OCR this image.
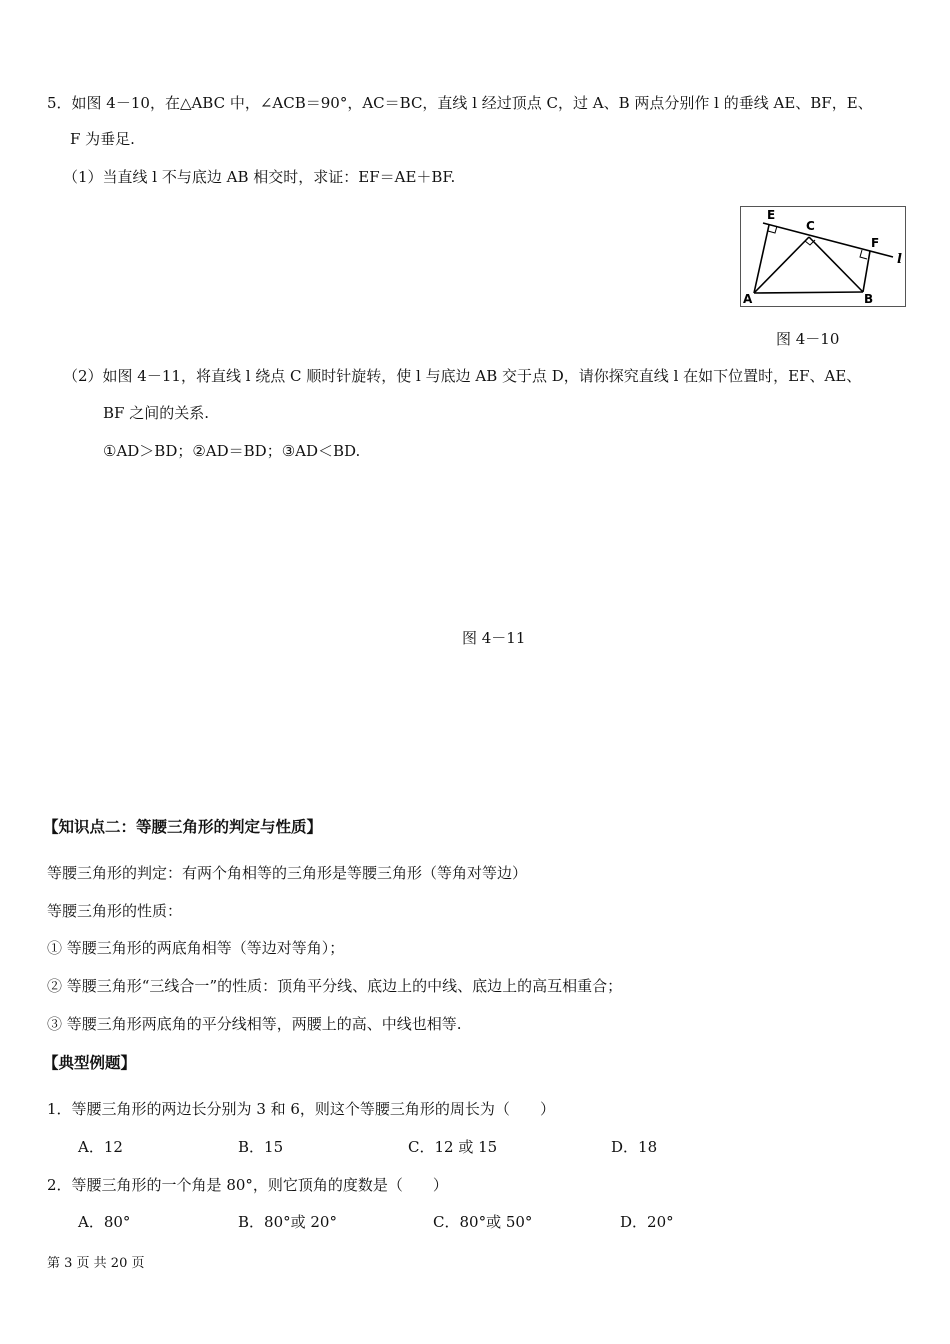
5．如图 4－10，在△ABC 中，∠ACB＝90°，AC＝BC，直线 l 经过顶点 C，过 A、B 两点分别作 l 的垂线 AE、BF，E、
F 为垂足.
（1）当直线 l 不与底边 AB 相交时，求证：EF＝AE＋BF.
E
C
F
l
A	B
图 4－10
（2）如图 4－11，将直线 l 绕点 C 顺时针旋转，使 l 与底边 AB 交于点 D，请你探究直线 l 在如下位置时，EF、AE、
BF 之间的关系.
①AD＞BD；②AD＝BD；③AD＜BD.
图 4－11
【知识点二：等腰三角形的判定与性质】
等腰三角形的判定：有两个角相等的三角形是等腰三角形（等角对等边）
等腰三角形的性质：
① 等腰三角形的两底角相等（等边对等角）；
② 等腰三角形“三线合一”的性质：顶角平分线、底边上的中线、底边上的高互相重合；
③ 等腰三角形两底角的平分线相等，两腰上的高、中线也相等.
【典型例题】
1．等腰三角形的两边长分别为 3 和 6，则这个等腰三角形的周长为（　　）
A．12	B．15	C．12 或 15	D．18
2．等腰三角形的一个角是 80°，则它顶角的度数是（　　）
A．80°	B．80°或 20°	C．80°或 50°	D．20°
第 3 页 共 20 页
